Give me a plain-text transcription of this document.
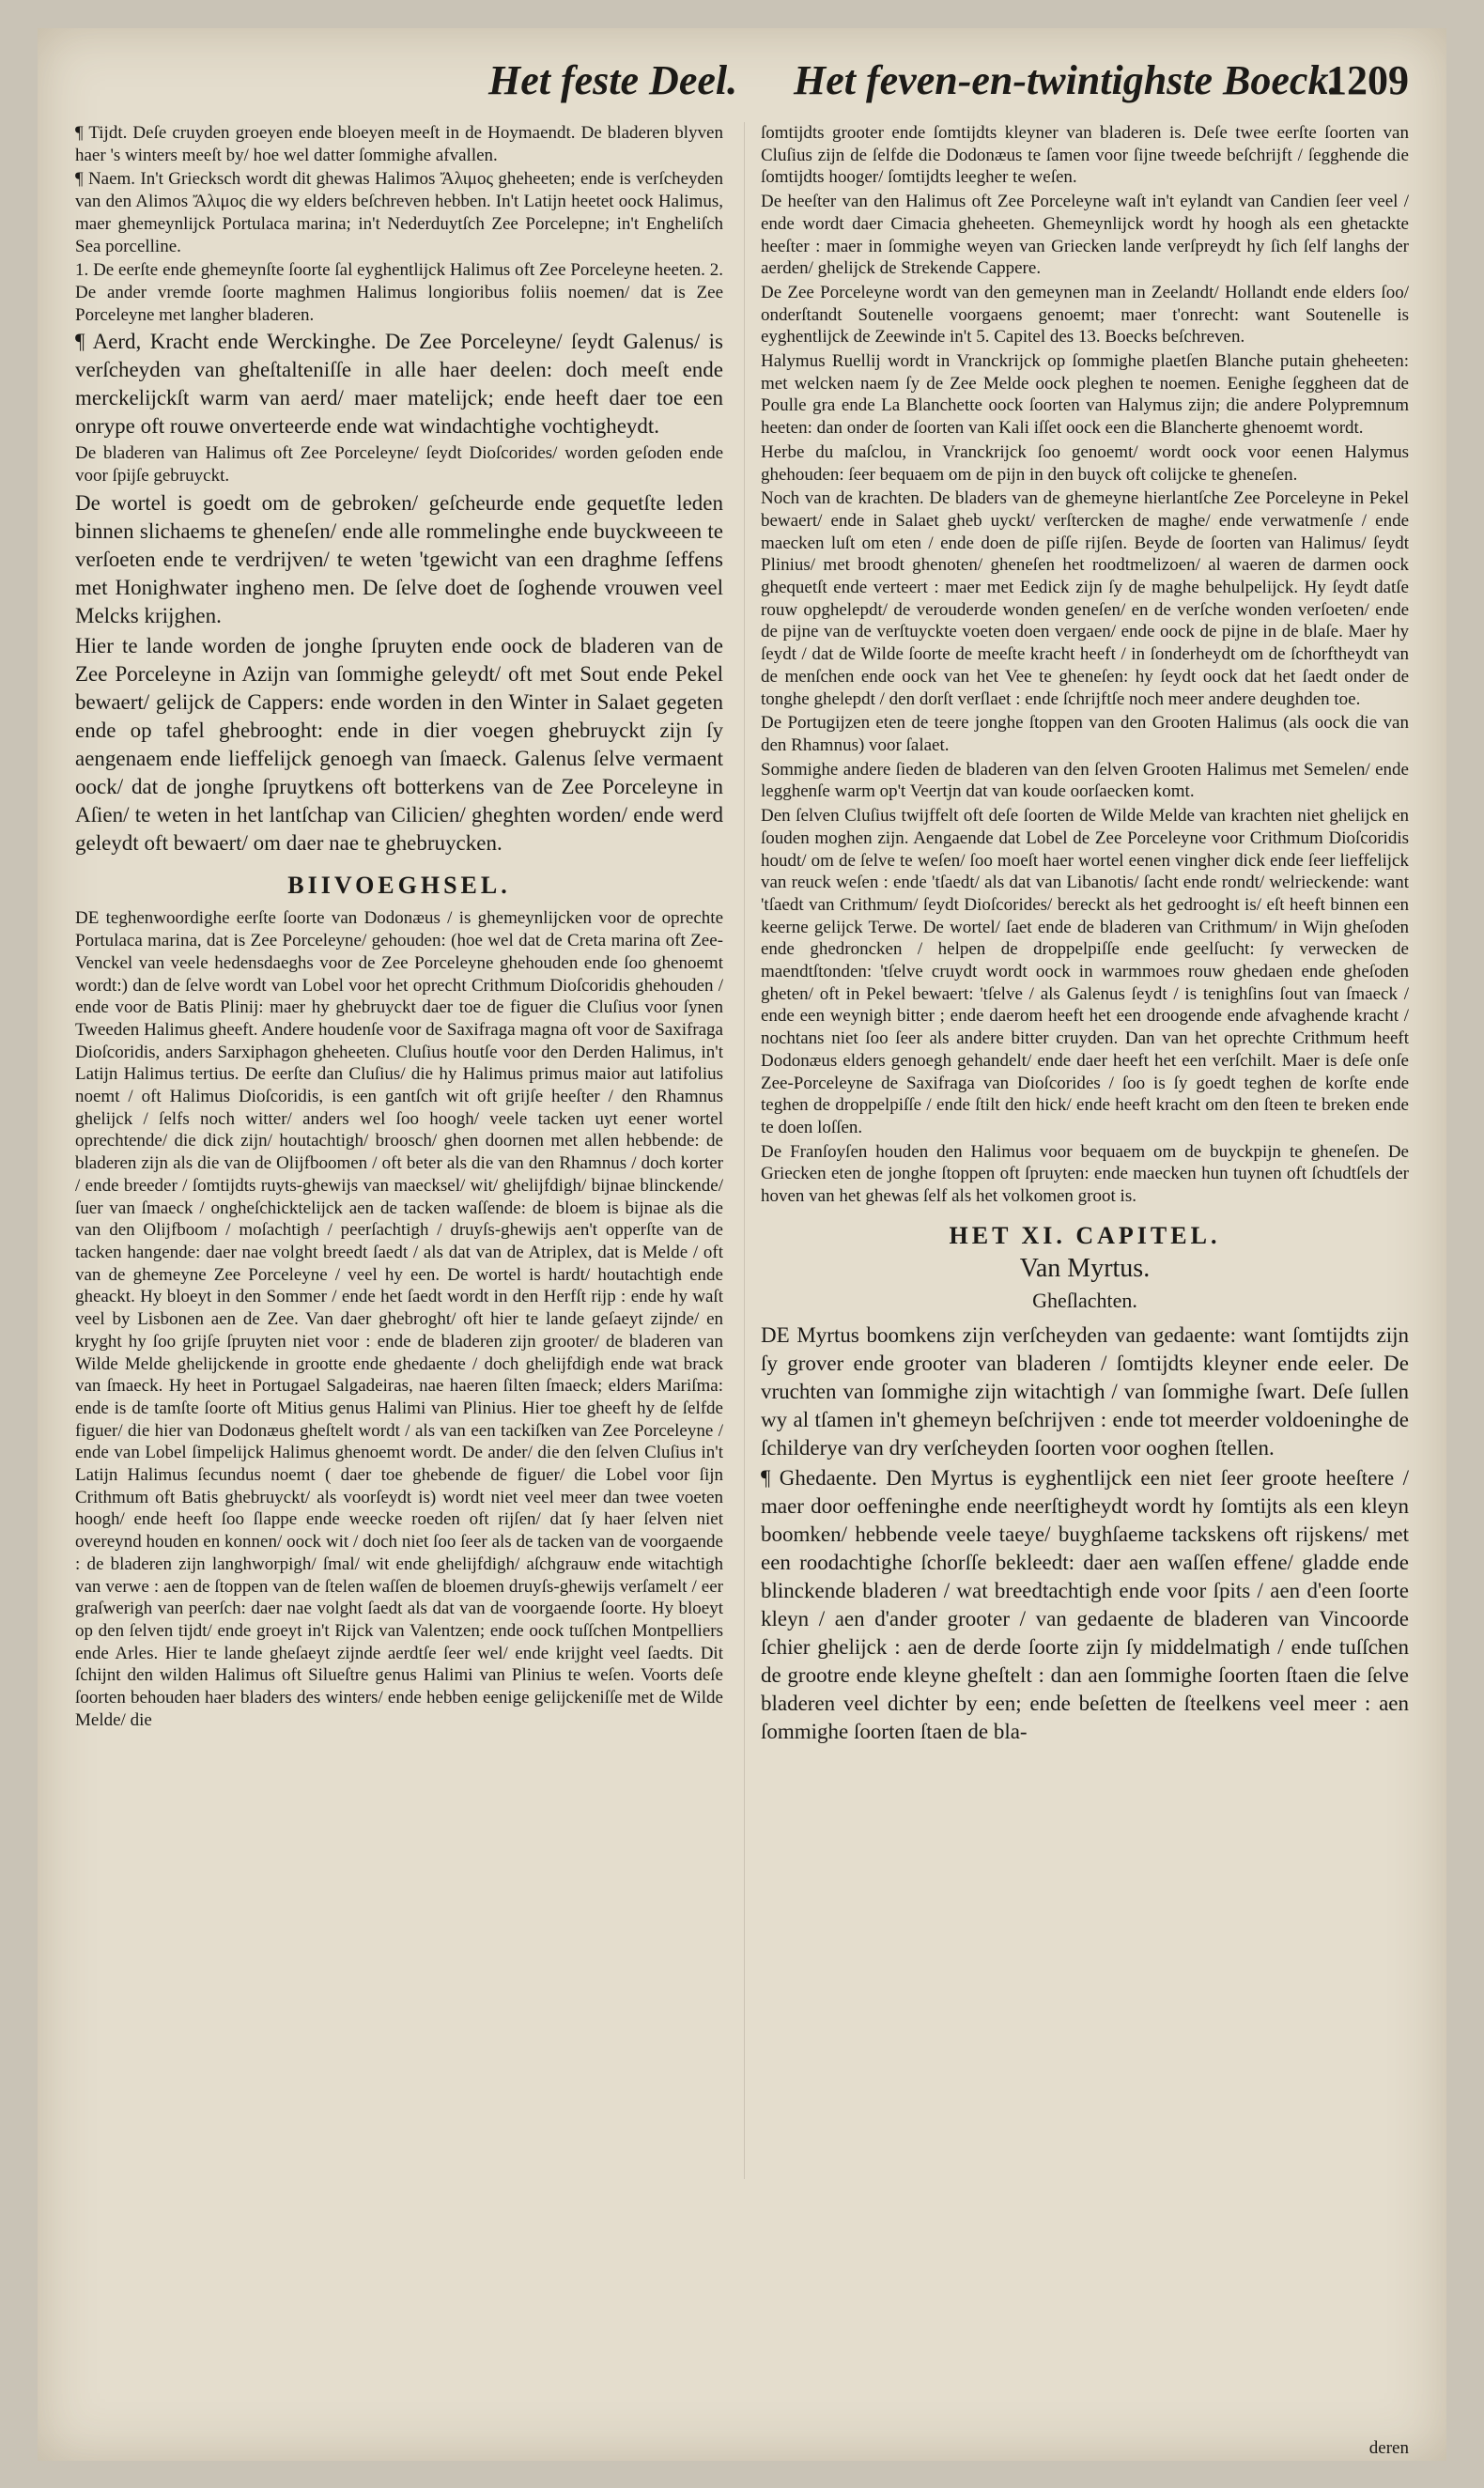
Het feste Deel. Het feven-en-twintighste Boeck.
1209

¶ Tijdt. Deſe cruyden groeyen ende bloeyen meeſt in de Hoymaendt. De bladeren blyven haer 's winters meeſt by/ hoe wel datter ſommighe afvallen.

¶ Naem. In't Griecksch wordt dit ghewas Halimos Ἄλιμος gheheeten; ende is verſcheyden van den Alimos Ἄλιμος die wy elders beſchreven hebben. In't Latijn heetet oock Halimus, maer ghemeynlijck Portulaca marina; in't Nederduytſch Zee Porcelepne; in't Engheliſch Sea porcelline.

1. De eerſte ende ghemeynſte ſoorte ſal eyghentlijck Halimus oft Zee Porceleyne heeten. 2. De ander vremde ſoorte maghmen Halimus longioribus foliis noemen/ dat is Zee Porceleyne met langher bladeren.

¶ Aerd, Kracht ende Werckinghe. De Zee Porceleyne/ ſeydt Galenus/ is verſcheyden van gheſtalteniſſe in alle haer deelen: doch meeſt ende merckelijckſt warm van aerd/ maer matelijck; ende heeft daer toe een onrype oft rouwe onverteerde ende wat windachtighe vochtigheydt.

De bladeren van Halimus oft Zee Porceleyne/ ſeydt Dioſcorides/ worden geſoden ende voor ſpijſe gebruyckt.

De wortel is goedt om de gebroken/ geſcheurde ende gequetſte leden binnen slichaems te gheneſen/ ende alle rommelinghe ende buyckweeen te verſoeten ende te verdrijven/ te weten 'tgewicht van een draghme ſeffens met Honighwater ingheno men. De ſelve doet de ſoghende vrouwen veel Melcks krijghen.

Hier te lande worden de jonghe ſpruyten ende oock de bladeren van de Zee Porceleyne in Azijn van ſommighe geleydt/ oft met Sout ende Pekel bewaert/ gelijck de Cappers: ende worden in den Winter in Salaet gegeten ende op tafel ghebrooght: ende in dier voegen ghebruyckt zijn ſy aengenaem ende lieffelijck genoegh van ſmaeck. Galenus ſelve vermaent oock/ dat de jonghe ſpruytkens oft botterkens van de Zee Porceleyne in Aſien/ te weten in het lantſchap van Cilicien/ gheghten worden/ ende werd geleydt oft bewaert/ om daer nae te ghebruycken.

BIIVOEGHSEL.

DE teghenwoordighe eerſte ſoorte van Dodonæus / is ghemeynlijcken voor de oprechte Portulaca marina, dat is Zee Porceleyne/ gehouden: (hoe wel dat de Creta marina oft Zee-Venckel van veele hedensdaeghs voor de Zee Porceleyne ghehouden ende ſoo ghenoemt wordt:) dan de ſelve wordt van Lobel voor het oprecht Crithmum Dioſcoridis ghehouden / ende voor de Batis Plinij: maer hy ghebruyckt daer toe de figuer die Cluſius voor ſynen Tweeden Halimus gheeft. Andere houdenſe voor de Saxifraga magna oft voor de Saxifraga Dioſcoridis, anders Sarxiphagon gheheeten. Cluſius houtſe voor den Derden Halimus, in't Latijn Halimus tertius. De eerſte dan Cluſius/ die hy Halimus primus maior aut latifolius noemt / oft Halimus Dioſcoridis, is een gantſch wit oft grijſe heeſter / den Rhamnus ghelijck / ſelfs noch witter/ anders wel ſoo hoogh/ veele tacken uyt eener wortel oprechtende/ die dick zijn/ houtachtigh/ broosch/ ghen doornen met allen hebbende: de bladeren zijn als die van de Olijfboomen / oft beter als die van den Rhamnus / doch korter / ende breeder / ſomtijdts ruyts-ghewijs van maecksel/ wit/ ghelijfdigh/ bijnae blinckende/ ſuer van ſmaeck / ongheſchicktelijck aen de tacken waſſende: de bloem is bijnae als die van den Olijfboom / moſachtigh / peerſachtigh / druyſs-ghewijs aen't opperſte van de tacken hangende: daer nae volght breedt ſaedt / als dat van de Atriplex, dat is Melde / oft van de ghemeyne Zee Porceleyne / veel hy een. De wortel is hardt/ houtachtigh ende gheackt. Hy bloeyt in den Sommer / ende het ſaedt wordt in den Herfſt rijp : ende hy waſt veel by Lisbonen aen de Zee. Van daer ghebroght/ oft hier te lande geſaeyt zijnde/ en kryght hy ſoo grijſe ſpruyten niet voor : ende de bladeren zijn grooter/ de bladeren van Wilde Melde ghelijckende in grootte ende ghedaente / doch ghelijfdigh ende wat brack van ſmaeck. Hy heet in Portugael Salgadeiras, nae haeren ſilten ſmaeck; elders Mariſma: ende is de tamſte ſoorte oft Mitius genus Halimi van Plinius. Hier toe gheeft hy de ſelfde figuer/ die hier van Dodonæus gheſtelt wordt / als van een tackiſken van Zee Porceleyne / ende van Lobel ſimpelijck Halimus ghenoemt wordt. De ander/ die den ſelven Cluſius in't Latijn Halimus ſecundus noemt ( daer toe ghebende de figuer/ die Lobel voor ſijn Crithmum oft Batis ghebruyckt/ als voorſeydt is) wordt niet veel meer dan twee voeten hoogh/ ende heeft ſoo ſlappe ende weecke roeden oft rijſen/ dat ſy haer ſelven niet overeynd houden en konnen/ oock wit / doch niet ſoo ſeer als de tacken van de voorgaende : de bladeren zijn langhworpigh/ ſmal/ wit ende ghelijfdigh/ aſchgrauw ende witachtigh van verwe : aen de ſtoppen van de ſtelen waſſen de bloemen druyſs-ghewijs verſamelt / eer graſwerigh van peerſch: daer nae volght ſaedt als dat van de voorgaende ſoorte. Hy bloeyt op den ſelven tijdt/ ende groeyt in't Rijck van Valentzen; ende oock tuſſchen Montpelliers ende Arles. Hier te lande gheſaeyt zijnde aerdtſe ſeer wel/ ende krijght veel ſaedts. Dit ſchijnt den wilden Halimus oft Silueſtre genus Halimi van Plinius te weſen. Voorts deſe ſoorten behouden haer bladers des winters/ ende hebben eenige gelijckeniſſe met de Wilde Melde/ die

ſomtijdts grooter ende ſomtijdts kleyner van bladeren is. Deſe twee eerſte ſoorten van Cluſius zijn de ſelfde die Dodonæus te ſamen voor ſijne tweede beſchrijft / ſegghende die ſomtijdts hooger/ ſomtijdts leegher te weſen.

De heeſter van den Halimus oft Zee Porceleyne waſt in't eylandt van Candien ſeer veel / ende wordt daer Cimacia gheheeten. Ghemeynlijck wordt hy hoogh als een ghetackte heeſter : maer in ſommighe weyen van Griecken lande verſpreydt hy ſich ſelf langhs der aerden/ ghelijck de Strekende Cappere.

De Zee Porceleyne wordt van den gemeynen man in Zeelandt/ Hollandt ende elders ſoo/ onderſtandt Soutenelle voorgaens genoemt; maer t'onrecht: want Soutenelle is eyghentlijck de Zeewinde in't 5. Capitel des 13. Boecks beſchreven.

Halymus Ruellij wordt in Vranckrijck op ſommighe plaetſen Blanche putain gheheeten: met welcken naem ſy de Zee Melde oock pleghen te noemen. Eenighe ſeggheen dat de Poulle gra ende La Blanchette oock ſoorten van Halymus zijn; die andere Polypremnum heeten: dan onder de ſoorten van Kali iſſet oock een die Blancherte ghenoemt wordt.

Herbe du maſclou, in Vranckrijck ſoo genoemt/ wordt oock voor eenen Halymus ghehouden: ſeer bequaem om de pijn in den buyck oft colijcke te gheneſen.

Noch van de krachten. De bladers van de ghemeyne hierlantſche Zee Porceleyne in Pekel bewaert/ ende in Salaet gheb uyckt/ verſtercken de maghe/ ende verwatmenſe / ende maecken luſt om eten / ende doen de piſſe rijſen. Beyde de ſoorten van Halimus/ ſeydt Plinius/ met broodt ghenoten/ gheneſen het roodtmelizoen/ al waeren de darmen oock ghequetſt ende verteert : maer met Eedick zijn ſy de maghe behulpelijck. Hy ſeydt datſe rouw opghelepdt/ de verouderde wonden geneſen/ en de verſche wonden verſoeten/ ende de pijne van de verſtuyckte voeten doen vergaen/ ende oock de pijne in de blaſe. Maer hy ſeydt / dat de Wilde ſoorte de meeſte kracht heeft / in ſonderheydt om de ſchorftheydt van de menſchen ende oock van het Vee te gheneſen: hy ſeydt oock dat het ſaedt onder de tonghe ghelepdt / den dorſt verſlaet : ende ſchrijftſe noch meer andere deughden toe.

De Portugijzen eten de teere jonghe ſtoppen van den Grooten Halimus (als oock die van den Rhamnus) voor ſalaet.

Sommighe andere ſieden de bladeren van den ſelven Grooten Halimus met Semelen/ ende legghenſe warm op't Veertjn dat van koude oorſaecken komt.

Den ſelven Cluſius twijffelt oft deſe ſoorten de Wilde Melde van krachten niet ghelijck en ſouden moghen zijn. Aengaende dat Lobel de Zee Porceleyne voor Crithmum Dioſcoridis houdt/ om de ſelve te weſen/ ſoo moeſt haer wortel eenen vingher dick ende ſeer lieffelijck van reuck weſen : ende 'tſaedt/ als dat van Libanotis/ ſacht ende rondt/ welrieckende: want 'tſaedt van Crithmum/ ſeydt Dioſcorides/ bereckt als het gedrooght is/ eſt heeft binnen een keerne gelijck Terwe. De wortel/ ſaet ende de bladeren van Crithmum/ in Wijn gheſoden ende ghedroncken / helpen de droppelpiſſe ende geelſucht: ſy verwecken de maendtſtonden: 'tſelve cruydt wordt oock in warmmoes rouw ghedaen ende gheſoden gheten/ oft in Pekel bewaert: 'tſelve / als Galenus ſeydt / is tenighſins ſout van ſmaeck / ende een weynigh bitter ; ende daerom heeft het een droogende ende afvaghende kracht / nochtans niet ſoo ſeer als andere bitter cruyden. Dan van het oprechte Crithmum heeft Dodonæus elders genoegh gehandelt/ ende daer heeft het een verſchilt. Maer is deſe onſe Zee-Porceleyne de Saxifraga van Dioſcorides / ſoo is ſy goedt teghen de korſte ende teghen de droppelpiſſe / ende ſtilt den hick/ ende heeft kracht om den ſteen te breken ende te doen loſſen.

De Franſoyſen houden den Halimus voor bequaem om de buyckpijn te gheneſen. De Griecken eten de jonghe ſtoppen oft ſpruyten: ende maecken hun tuynen oft ſchudtſels der hoven van het ghewas ſelf als het volkomen groot is.

HET XI. CAPITEL.
Van Myrtus.
Gheſlachten.

DE Myrtus boomkens zijn verſcheyden van gedaente: want ſomtijdts zijn ſy grover ende grooter van bladeren / ſomtijdts kleyner ende eeler. De vruchten van ſommighe zijn witachtigh / van ſommighe ſwart. Deſe ſullen wy al tſamen in't ghemeyn beſchrijven : ende tot meerder voldoeninghe de ſchilderye van dry verſcheyden ſoorten voor ooghen ſtellen.

¶ Ghedaente. Den Myrtus is eyghentlijck een niet ſeer groote heeſtere / maer door oeffeninghe ende neerſtigheydt wordt hy ſomtijts als een kleyn boomken/ hebbende veele taeye/ buyghſaeme tackskens oft rijskens/ met een roodachtighe ſchorſſe bekleedt: daer aen waſſen effene/ gladde ende blinckende bladeren / wat breedtachtigh ende voor ſpits / aen d'een ſoorte kleyn / aen d'ander grooter / van gedaente de bladeren van Vincoorde ſchier ghelijck : aen de derde ſoorte zijn ſy middelmatigh / ende tuſſchen de grootre ende kleyne gheſtelt : dan aen ſommighe ſoorten ſtaen die ſelve bladeren veel dichter by een; ende beſetten de ſteelkens veel meer : aen ſommighe ſoorten ſtaen de bla-

deren
